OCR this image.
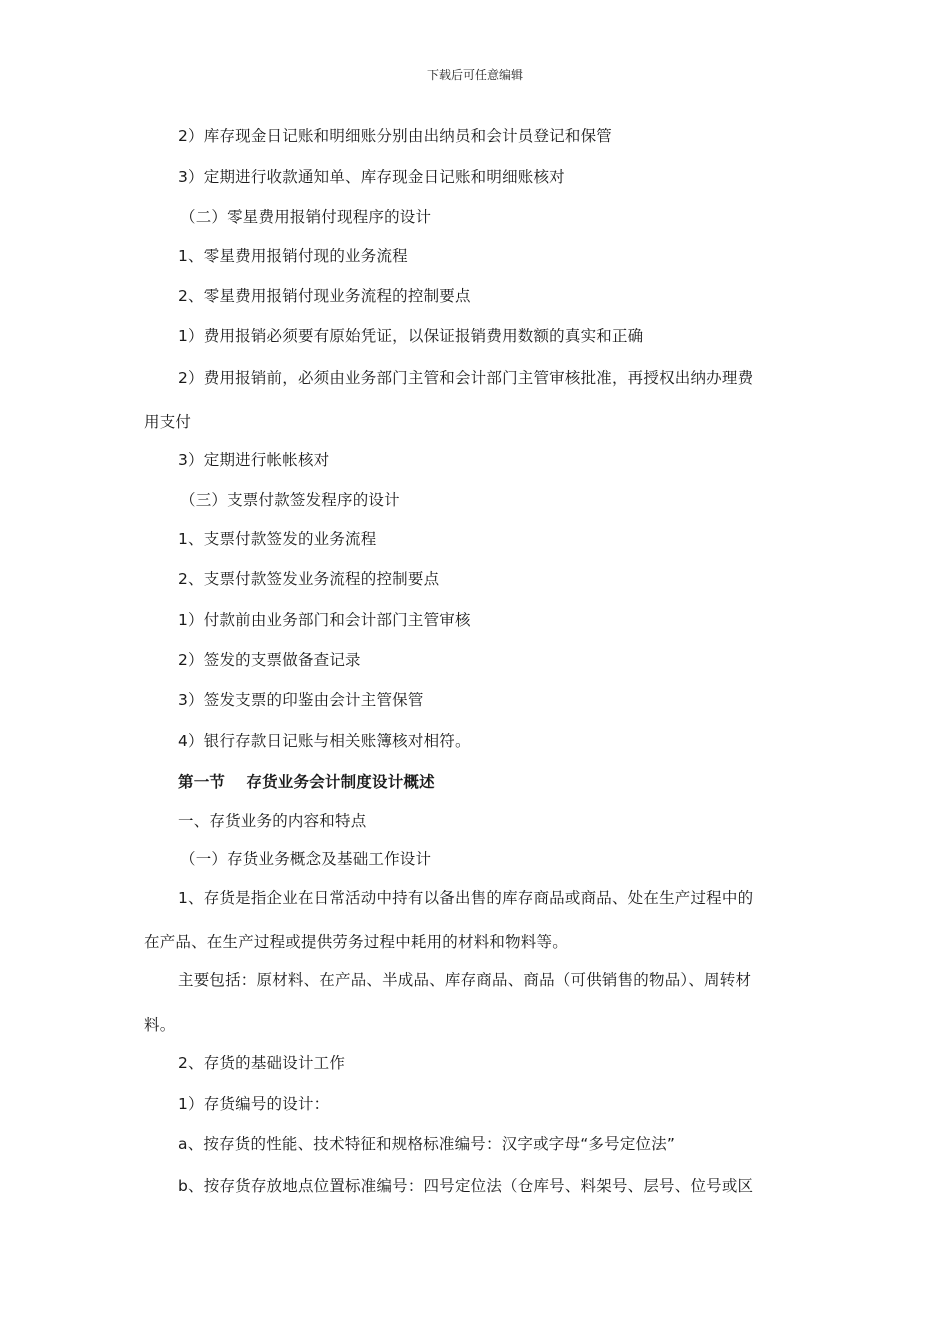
下载后可任意编辑
2）库存现金日记账和明细账分别由出纳员和会计员登记和保管
3）定期进行收款通知单、库存现金日记账和明细账核对
（二）零星费用报销付现程序的设计
1、零星费用报销付现的业务流程
2、零星费用报销付现业务流程的控制要点
1）费用报销必须要有原始凭证，以保证报销费用数额的真实和正确
2）费用报销前，必须由业务部门主管和会计部门主管审核批准，再授权出纳办理费
用支付
3）定期进行帐帐核对
（三）支票付款签发程序的设计
1、支票付款签发的业务流程
2、支票付款签发业务流程的控制要点
1）付款前由业务部门和会计部门主管审核
2）签发的支票做备查记录
3）签发支票的印鉴由会计主管保管
4）银行存款日记账与相关账簿核对相符。
第一节　 存货业务会计制度设计概述
一、存货业务的内容和特点
（一）存货业务概念及基础工作设计
1、存货是指企业在日常活动中持有以备出售的库存商品或商品、处在生产过程中的
在产品、在生产过程或提供劳务过程中耗用的材料和物料等。
主要包括：原材料、在产品、半成品、库存商品、商品（可供销售的物品）、周转材
料。
2、存货的基础设计工作
1）存货编号的设计：
a、按存货的性能、技术特征和规格标准编号：汉字或字母“多号定位法”
b、按存货存放地点位置标准编号：四号定位法（仓库号、料架号、层号、位号或区
